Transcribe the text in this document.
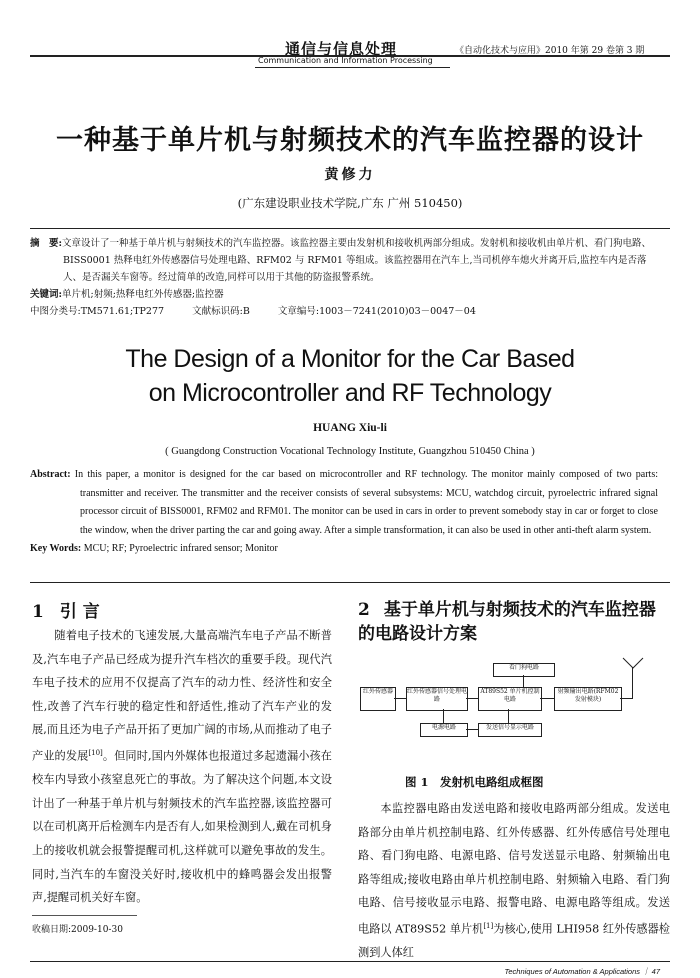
通信与信息处理
Communication and Information Processing
《自动化技术与应用》2010 年第 29 卷第 3 期
一种基于单片机与射频技术的汽车监控器的设计
黄修力
(广东建设职业技术学院,广东 广州 510450)
摘　要:文章设计了一种基于单片机与射频技术的汽车监控器。该监控器主要由发射机和接收机两部分组成。发射机和接收机由单片机、看门狗电路、BISS0001 热释电红外传感器信号处理电路、RFM02 与 RFM01 等组成。该监控器用在汽车上,当司机停车熄火并离开后,监控车内是否落人、是否漏关车窗等。经过简单的改造,同样可以用于其他的防盗报警系统。
关键词:单片机;射频;热释电红外传感器;监控器
中图分类号:TM571.61;TP277	文献标识码:B	文章编号:1003－7241(2010)03－0047－04
The Design of a Monitor for the Car Based
on Microcontroller and RF Technology
HUANG Xiu-li
( Guangdong Construction Vocational Technology Institute, Guangzhou 510450 China )
Abstract: In this paper, a monitor is designed for the car based on microcontroller and RF technology. The monitor mainly composed of two parts: transmitter and receiver. The transmitter and the receiver consists of several subsystems: MCU, watchdog circuit, pyroelectric infrared signal processor circuit of BISS0001, RFM02 and RFM01. The monitor can be used in cars in order to prevent somebody stay in car or forget to close the window, when the driver parting the car and going away. After a simple transformation, it can also be used in other anti-theft alarm system.
Key Words: MCU; RF; Pyroelectric infrared sensor; Monitor
1 引 言

随着电子技术的飞速发展,大量高端汽车电子产品不断普及,汽车电子产品已经成为提升汽车档次的重要手段。现代汽车电子技术的应用不仅提高了汽车的动力性、经济性和安全性,改善了汽车行驶的稳定性和舒适性,推动了汽车产业的发展,而且还为电子产品开拓了更加广阔的市场,从而推动了电子产业的发展[10]。但同时,国内外媒体也报道过多起遗漏小孩在校车内导致小孩窒息死亡的事故。为了解决这个问题,本文设计出了一种基于单片机与射频技术的汽车监控器,该监控器可以在司机离开后检测车内是否有人,如果检测到人,戴在司机身上的接收机就会报警提醒司机,这样就可以避免事故的发生。同时,当汽车的车窗没关好时,接收机中的蜂鸣器会发出报警声,提醒司机关好车窗。

收稿日期:2009-10-30
2 基于单片机与射频技术的汽车监控器的电路设计方案
看门狗电路
红外传感器	红外传感器信号处理电路
AT89S52 单片机控制电路
射频输出电路(RFM02 发射模块)
电源电路	发送信号显示电路
图 1　发射机电路组成框图

本监控器电路由发送电路和接收电路两部分组成。发送电路部分由单片机控制电路、红外传感器、红外传感信号处理电路、看门狗电路、电源电路、信号发送显示电路、射频输出电路等组成;接收电路由单片机控制电路、射频输入电路、看门狗电路、信号接收显示电路、报警电路、电源电路等组成。发送电路以 AT89S52 单片机[1]为核心,使用 LHI958 红外传感器检测到人体红

Techniques of Automation & Applications ｜ 47
